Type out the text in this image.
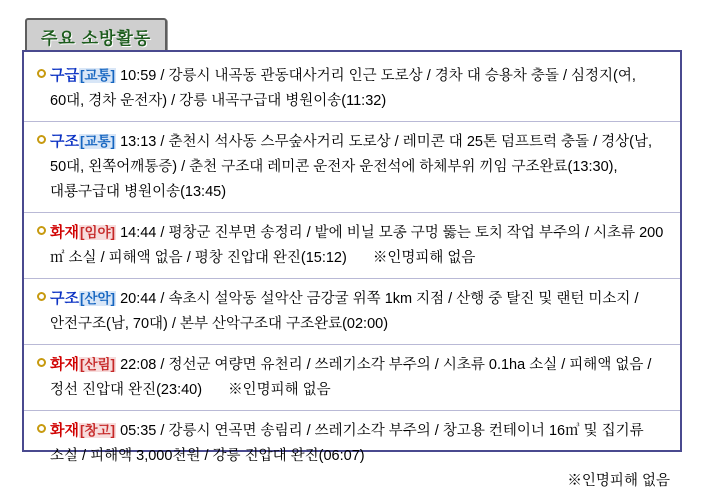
주요 소방활동
구급[교통] 10:59 / 강릉시 내곡동 관동대사거리 인근 도로상 / 경차 대 승용차 충돌 / 심정지(여, 60대, 경차 운전자) / 강릉 내곡구급대 병원이송(11:32)
구조[교통] 13:13 / 춘천시 석사동 스무숲사거리 도로상 / 레미콘 대 25톤 덤프트럭 충돌 / 경상(남, 50대, 왼쪽어깨통증) / 춘천 구조대 레미콘 운전자 운전석에 하체부위 끼임 구조완료(13:30), 대룡구급대 병원이송(13:45)
화재[임야] 14:44 / 평창군 진부면 송정리 / 밭에 비닐 모종 구멍 뚫는 토치 작업 부주의 / 시초류 200㎡ 소실 / 피해액 없음 / 평창 진압대 완진(15:12) ※인명피해 없음
구조[산악] 20:44 / 속초시 설악동 설악산 금강굴 위쪽 1km 지점 / 산행 중 탈진 및 랜턴 미소지 / 안전구조(남, 70대) / 본부 산악구조대 구조완료(02:00)
화재[산림] 22:08 / 정선군 여량면 유천리 / 쓰레기소각 부주의 / 시초류 0.1ha 소실 / 피해액 없음 / 정선 진압대 완진(23:40) ※인명피해 없음
화재[창고] 05:35 / 강릉시 연곡면 송림리 / 쓰레기소각 부주의 / 창고용 컨테이너 16㎥ 및 집기류 소실 / 피해액 3,000천원 / 강릉 진압대 완진(06:07)
※인명피해 없음
